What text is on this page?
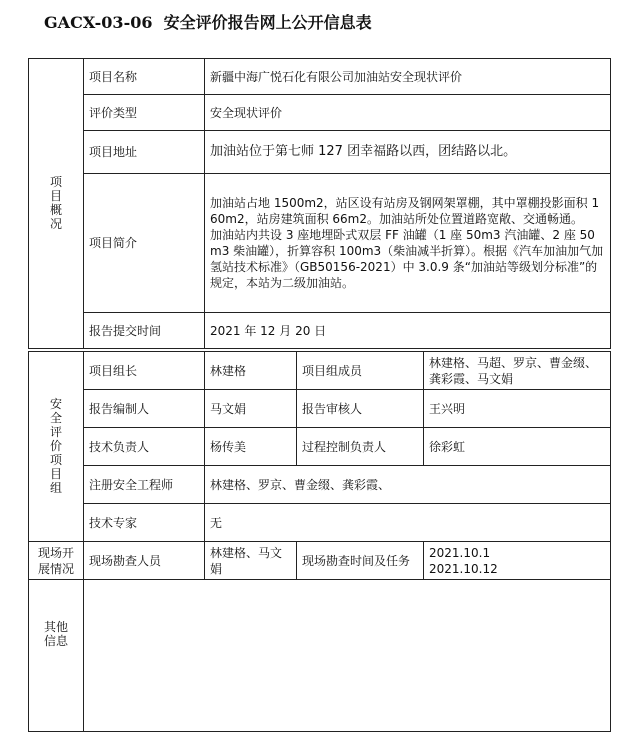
GACX-03-06 安全评价报告网上公开信息表
项目概况	项目名称	新疆中海广悦石化有限公司加油站安全现状评价
	评价类型	安全现状评价
	项目地址	加油站位于第七师 127 团幸福路以西，团结路以北。
	项目简介	加油站占地 1500m2，站区设有站房及钢网架罩棚，其中罩棚投影面积 160m2，站房建筑面积 66m2。加油站所处位置道路宽敞、交通畅通。
加油站内共设 3 座地埋卧式双层 FF 油罐（1 座 50m3 汽油罐、2 座 50m3 柴油罐），折算容积 100m3（柴油减半折算）。根据《汽车加油加气加氢站技术标准》（GB50156-2021）中 3.0.9 条“加油站等级划分标准”的规定，本站为二级加油站。

	报告提交时间	2021 年 12 月 20 日
安全评价项目组	项目组长	林建格	项目组成员	林建格、马超、罗京、曹金缀、龚彩霞、马文娟
	报告编制人	马文娟	报告审核人	王兴明
	技术负责人	杨传美	过程控制负责人	徐彩虹
	注册安全工程师	林建格、罗京、曹金缀、龚彩霞、		
	技术专家	无		
现场开展情况	现场勘查人员	林建格、马文娟	现场勘查时间及任务	2021.10.1
2021.10.12
其他信息	
